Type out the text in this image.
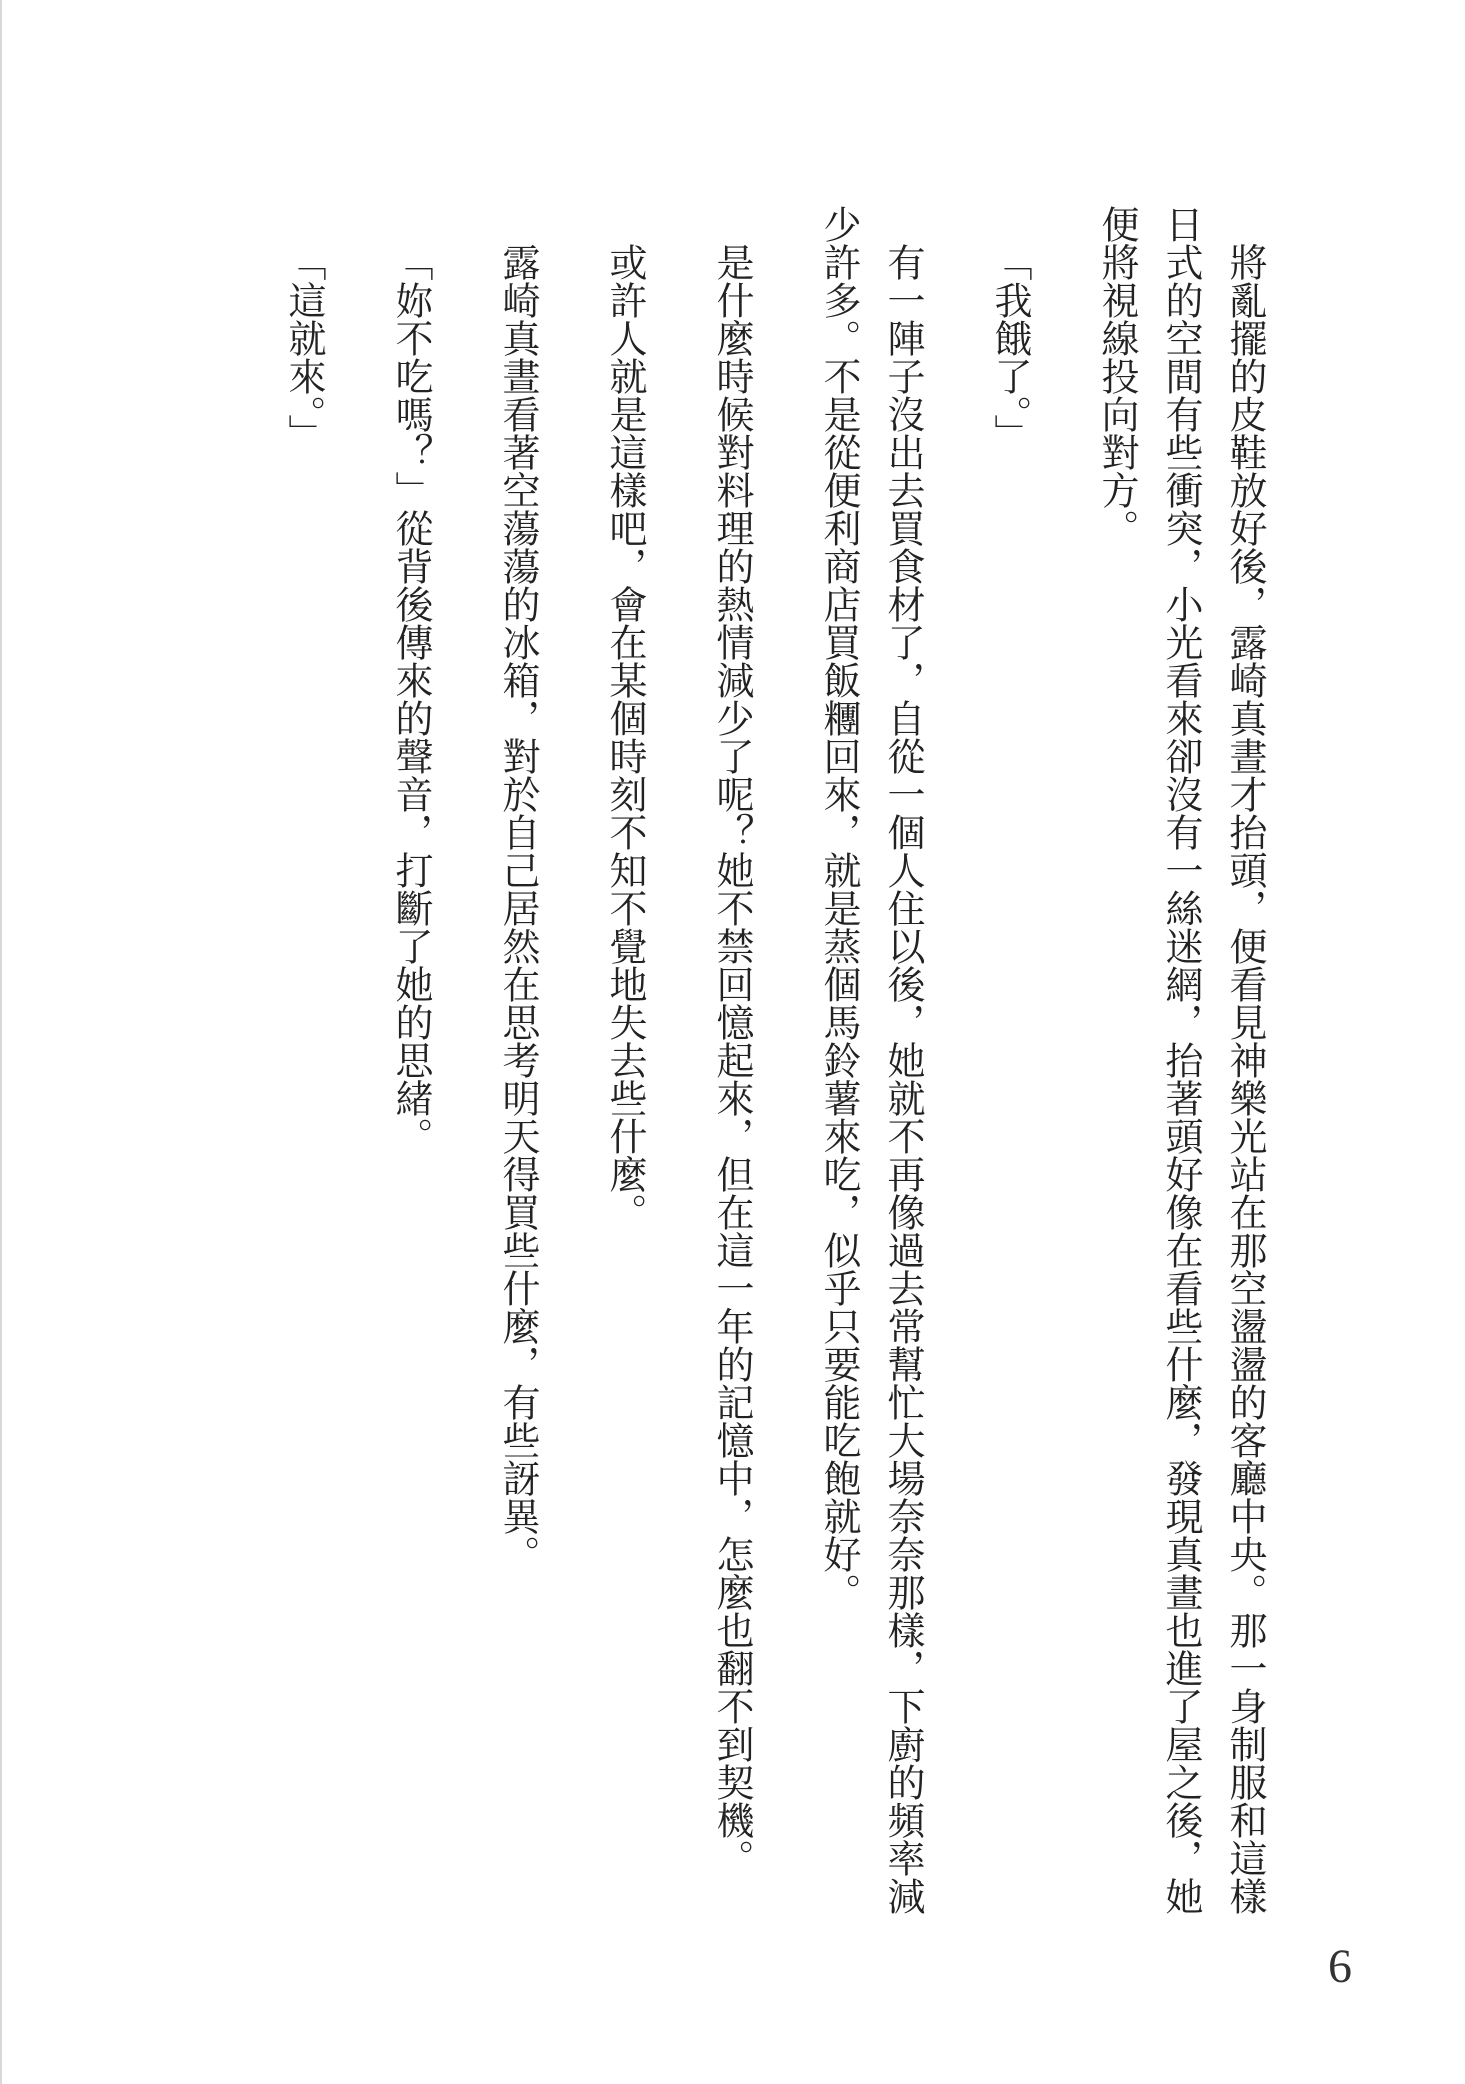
將亂擺的皮鞋放好後，露崎真晝才抬頭，便看見神樂光站在那空盪盪的客廳中央。那一身制服和這樣
日式的空間有些衝突，小光看來卻沒有一絲迷網，抬著頭好像在看些什麼，發現真晝也進了屋之後，她
便將視線投向對方。
「我餓了。」
有一陣子沒出去買食材了，自從一個人住以後，她就不再像過去常幫忙大場奈奈那樣，下廚的頻率減
少許多。不是從便利商店買飯糰回來，就是蒸個馬鈴薯來吃，似乎只要能吃飽就好。
是什麼時候對料理的熱情減少了呢？她不禁回憶起來，但在這一年的記憶中，怎麼也翻不到契機。
或許人就是這樣吧，會在某個時刻不知不覺地失去些什麼。
露崎真晝看著空蕩蕩的冰箱，對於自己居然在思考明天得買些什麼，有些訝異。
「妳不吃嗎？」從背後傳來的聲音，打斷了她的思緒。
「這就來。」
6
